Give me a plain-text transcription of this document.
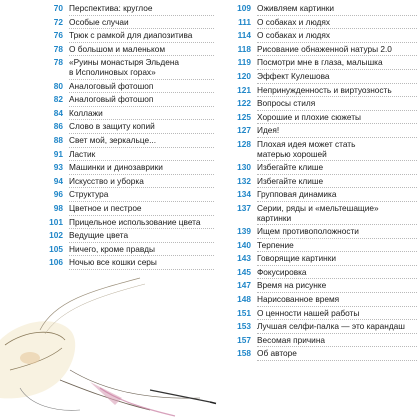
70 Перспектива: круглое
72 Особые случаи
76 Трюк с рамкой для диапозитива
78 О большом и маленьком
78 «Руины монастыря Эльдена
в Исполиновых горах»
80 Аналоговый фотошоп
82 Аналоговый фотошоп
84 Коллажи
86 Слово в защиту копий
88 Свет мой, зеркальце...
91 Ластик
93 Машинки и динозаврики
94 Искусство и уборка
96 Структура
98 Цветное и пестрое
101 Прицельное использование цвета
102 Ведущие цвета
105 Ничего, кроме правды
106 Ночью все кошки серы
109 Оживляем картинки
111 О собаках и людях
114 О собаках и людях
118 Рисование обнаженной натуры 2.0
119 Посмотри мне в глаза, малышка
120 Эффект Кулешова
121 Непринужденность и виртуозность
122 Вопросы стиля
125 Хорошие и плохие сюжеты
127 Идея!
128 Плохая идея может стать
матерью хорошей
130 Избегайте клише
132 Избегайте клише
134 Групповая динамика
137 Серии, ряды и «мельтешащие»
картинки
139 Ищем противоположности
140 Терпение
143 Говорящие картинки
145 Фокусировка
147 Время на рисунке
148 Нарисованное время
151 О ценности нашей работы
153 Лучшая селфи-палка — это карандаш
157 Весомая причина
158 Об авторе
